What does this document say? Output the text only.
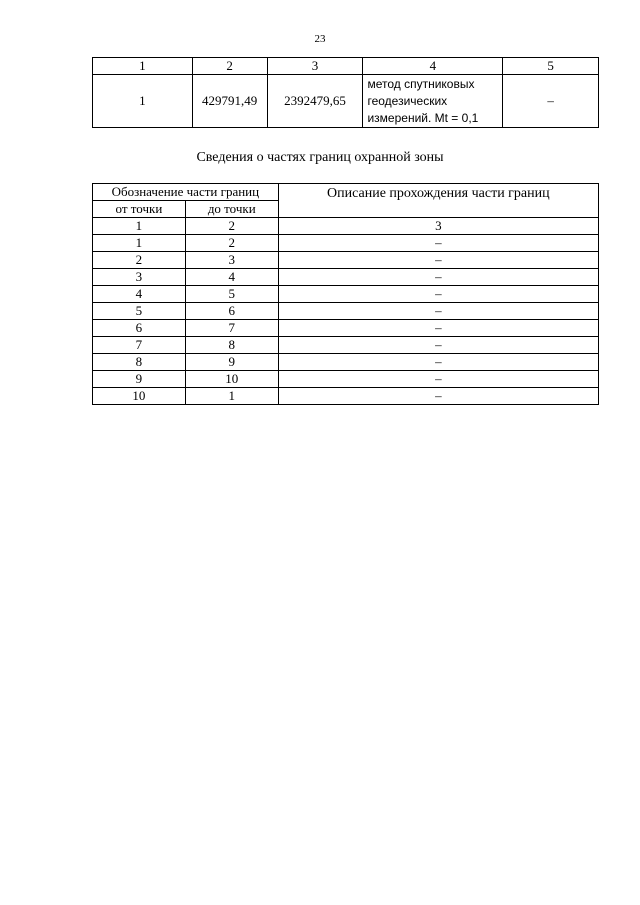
23
1	2	3	4	5
1	429791,49	2392479,65	метод спутниковых
геодезических
измерений. Mt = 0,1	–
Сведения о частях границ охранной зоны
Обозначение части границ		Описание прохождения части границ
от точки	до точки	
1	2	3
1	2	–
2	3	–
3	4	–
4	5	–
5	6	–
6	7	–
7	8	–
8	9	–
9	10	–
10	1	–
